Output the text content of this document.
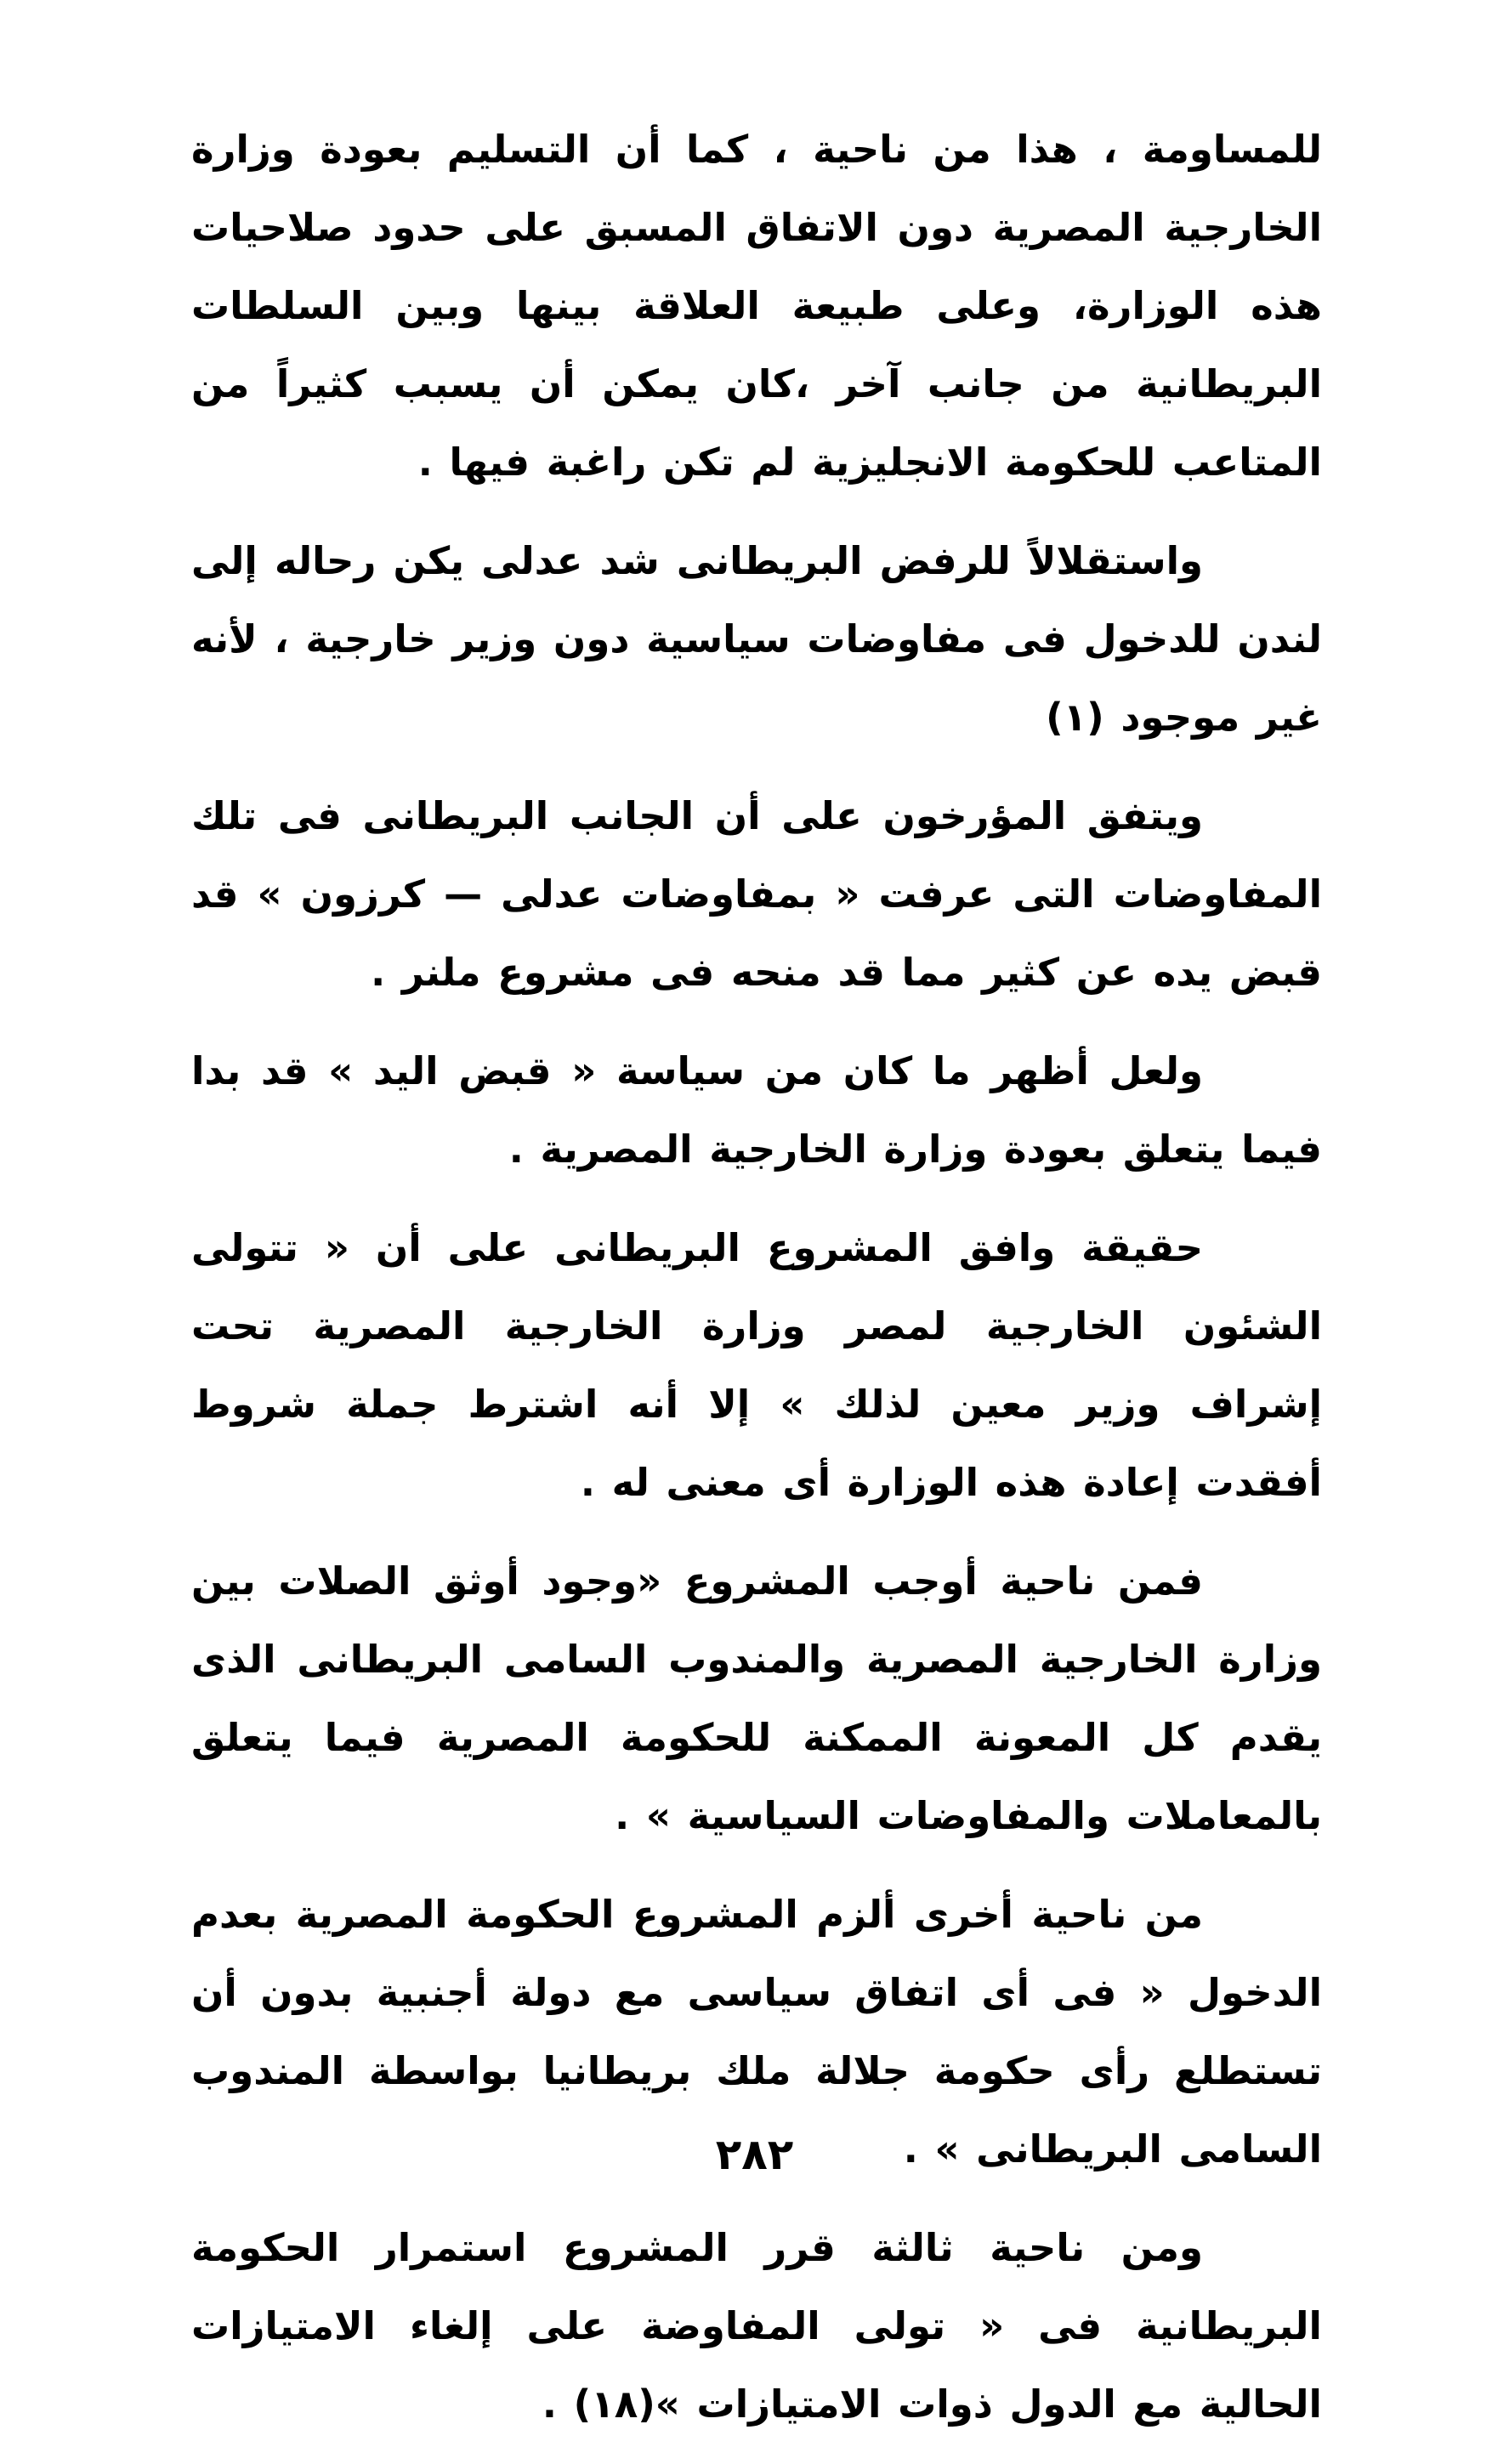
للمساومة ، هذا من ناحية ، كما أن التسليم بعودة وزارة الخارجية المصرية دون الاتفاق المسبق على حدود صلاحيات هذه الوزارة، وعلى طبيعة العلاقة بينها وبين السلطات البريطانية من جانب آخر ،كان يمكن أن يسبب كثيراً من المتاعب للحكومة الانجليزية لم تكن راغبة فيها .

واستقلالاً للرفض البريطانى شد عدلى يكن رحاله إلى لندن للدخول فى مفاوضات سياسية دون وزير خارجية ، لأنه غير موجود (١)

ويتفق المؤرخون على أن الجانب البريطانى فى تلك المفاوضات التى عرفت « بمفاوضات عدلى — كرزون » قد قبض يده عن كثير مما قد منحه فى مشروع ملنر .

ولعل أظهر ما كان من سياسة « قبض اليد » قد بدا فيما يتعلق بعودة وزارة الخارجية المصرية .

حقيقة وافق المشروع البريطانى على أن « تتولى الشئون الخارجية لمصر وزارة الخارجية المصرية تحت إشراف وزير معين لذلك » إلا أنه اشترط جملة شروط أفقدت إعادة هذه الوزارة أى معنى له .

فمن ناحية أوجب المشروع «وجود أوثق الصلات بين وزارة الخارجية المصرية والمندوب السامى البريطانى الذى يقدم كل المعونة الممكنة للحكومة المصرية فيما يتعلق بالمعاملات والمفاوضات السياسية » .

من ناحية أخرى ألزم المشروع الحكومة المصرية بعدم الدخول « فى أى اتفاق سياسى مع دولة أجنبية بدون أن تستطلع رأى حكومة جلالة ملك بريطانيا بواسطة المندوب السامى البريطانى » .

ومن ناحية ثالثة قرر المشروع استمرار الحكومة البريطانية فى « تولى المفاوضة على إلغاء الامتيازات الحالية مع الدول ذوات الامتيازات »(١٨) .

٢٨٢
